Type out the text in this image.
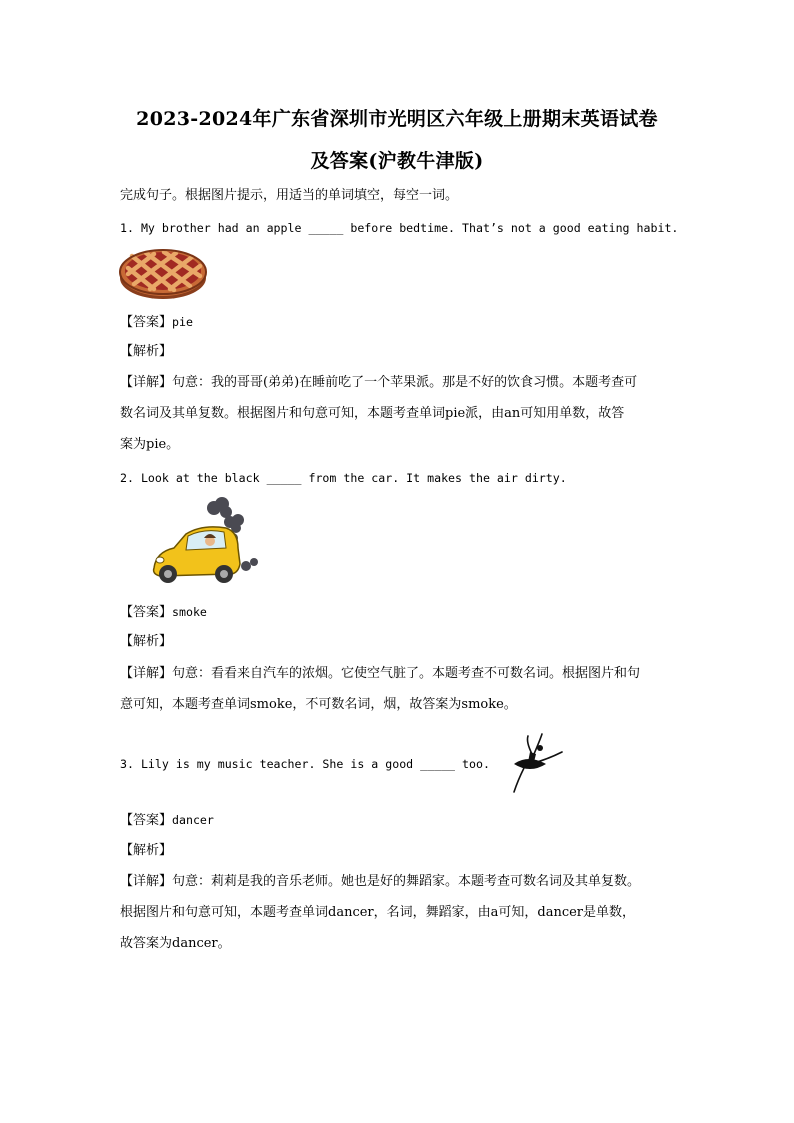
2023-2024年广东省深圳市光明区六年级上册期末英语试卷
及答案(沪教牛津版)
完成句子。根据图片提示，用适当的单词填空，每空一词。
1. My brother had an apple _____ before bedtime. That’s not a good eating habit.
【答案】pie
【解析】
【详解】句意：我的哥哥(弟弟)在睡前吃了一个苹果派。那是不好的饮食习惯。本题考查可
数名词及其单复数。根据图片和句意可知，本题考查单词pie派，由an可知用单数，故答
案为pie。
2. Look at the black _____ from the car. It makes the air dirty.
【答案】smoke
【解析】
【详解】句意：看看来自汽车的浓烟。它使空气脏了。本题考查不可数名词。根据图片和句
意可知，本题考查单词smoke，不可数名词，烟，故答案为smoke。
3. Lily is my music teacher. She is a good _____ too.
【答案】dancer
【解析】
【详解】句意：莉莉是我的音乐老师。她也是好的舞蹈家。本题考查可数名词及其单复数。
根据图片和句意可知，本题考查单词dancer，名词，舞蹈家，由a可知，dancer是单数，
故答案为dancer。
